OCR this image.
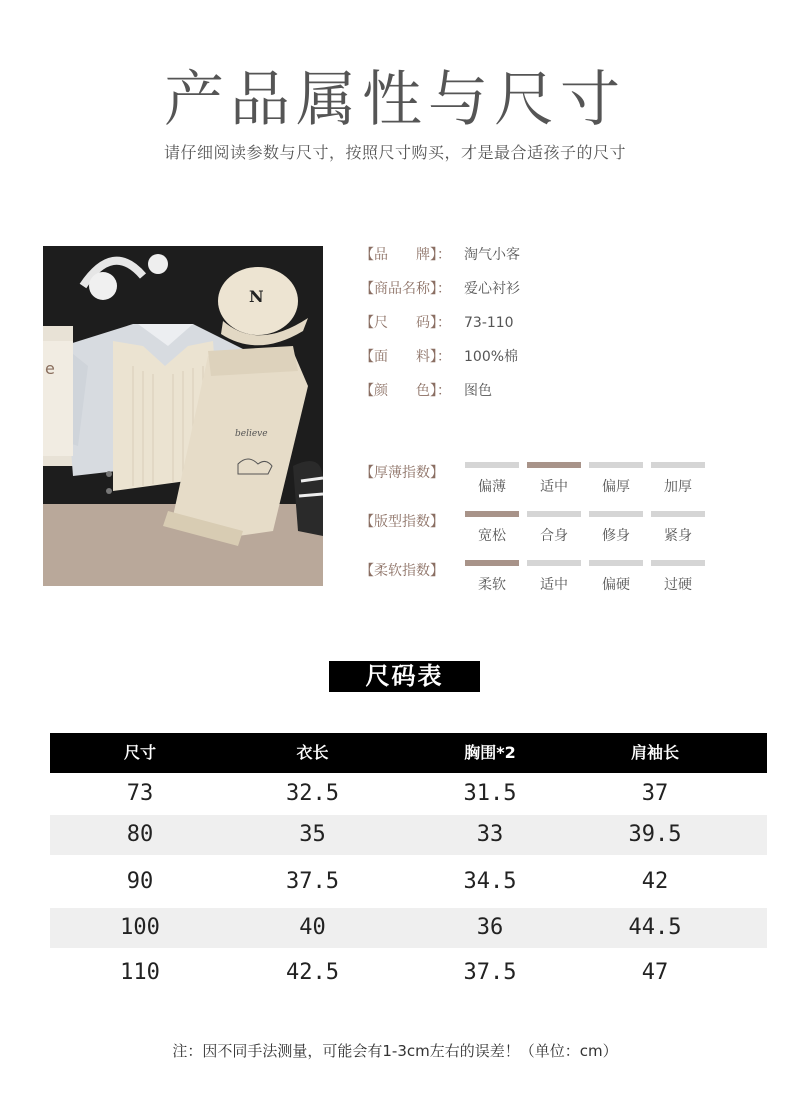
产品属性与尺寸
请仔细阅读参数与尺寸，按照尺寸购买，才是最合适孩子的尺寸

N
believe
e
【品　　牌】： 淘气小客
【商品名称】： 爱心衬衫
【尺　　码】： 73-110
【面　　料】： 100%棉
【颜　　色】： 图色
【厚薄指数】
偏薄	适中	偏厚	加厚
【版型指数】
宽松	合身	修身	紧身
【柔软指数】
柔软	适中	偏硬	过硬
尺码表
尺寸	衣长	胸围*2	肩袖长
73	32.5	31.5	37
80	35	33	39.5
90	37.5	34.5	42
100	40	36	44.5
110	42.5	37.5	47
注：因不同手法测量，可能会有1-3cm左右的误差！（单位：cm）
